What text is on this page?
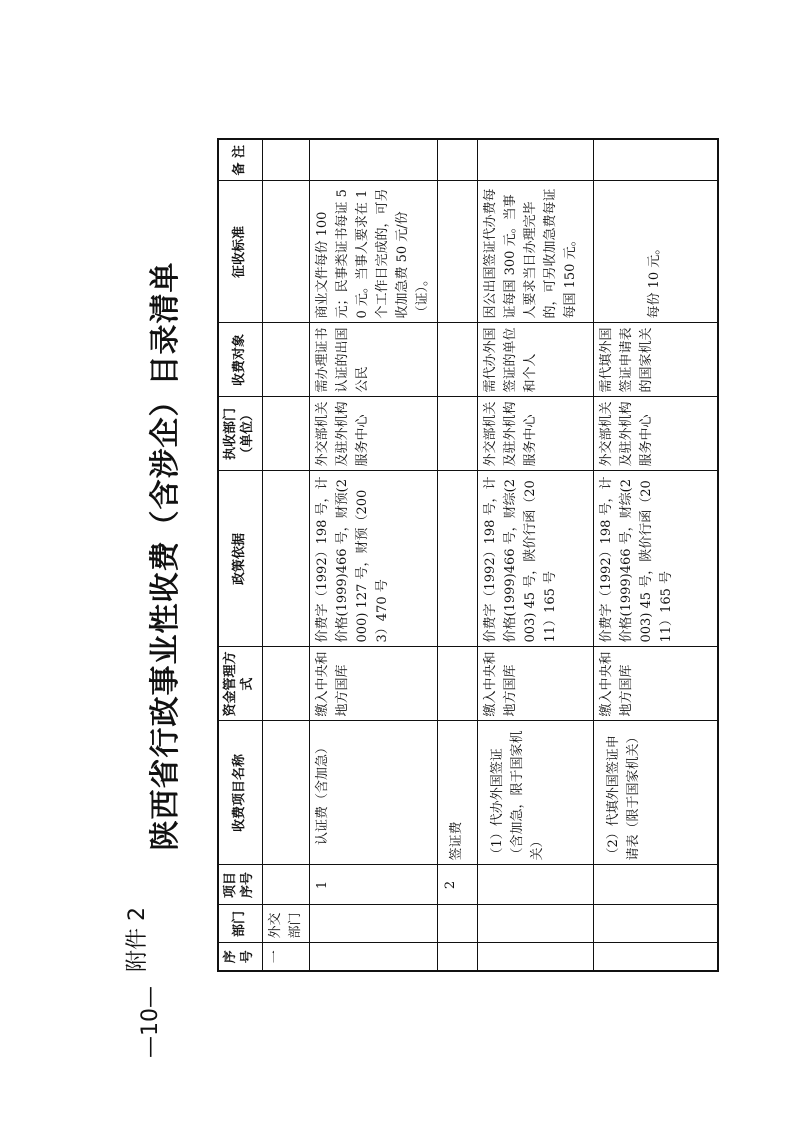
—10—
附件 2
陕西省行政事业性收费（含涉企）目录清单
序号	部门	项目序号	收费项目名称	资金管理方式	政策依据	执收部门（单位）	收费对象	征收标准	备 注
一	外交部门								
		1	认证费（含加急）	缴入中央和地方国库	价费字（1992）198 号，计价格(1999)466 号，财预(2000) 127 号，财预（2003）470 号	外交部机关及驻外机构服务中心	需办理证书认证的出国公民	商业文件每份 100 元；民事类证书每证 50 元。当事人要求在 1 个工作日完成的，可另收加急费 50 元/份（证）。	
		2	签证费						
			（1）代办外国签证（含加急，限于国家机关）	缴入中央和地方国库	价费字（1992）198 号，计价格(1999)466 号，财综(2003) 45 号，陕价行函（2011）165 号	外交部机关及驻外机构服务中心	需代办外国签证的单位和个人	因公出国签证代办费每证每国 300 元。当事人要求当日办理完毕的，可另收加急费每证每国 150 元。	
			（2）代填外国签证申请表（限于国家机关）	缴入中央和地方国库	价费字（1992）198 号，计价格(1999)466 号，财综(2003) 45 号，陕价行函（2011）165 号	外交部机关及驻外机构服务中心	需代填外国签证申请表的国家机关	每份 10 元。	
